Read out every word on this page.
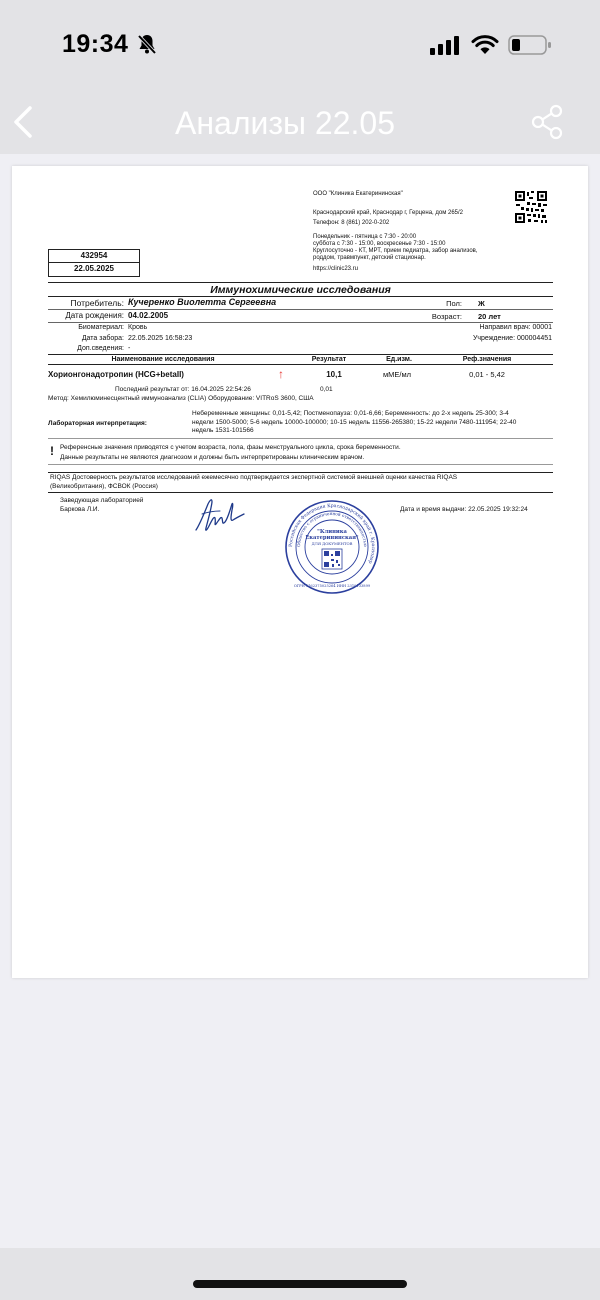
19:34
Анализы 22.05
ООО "Клиника Екатерининская"
Краснодарский край, Краснодар г, Герцена, дом 265/2
Телефон: 8 (861) 202-0-202
Понедельник - пятница с 7:30 - 20:00
суббота с 7:30 - 15:00, воскресенье 7:30 - 15:00
Круглосуточно - КТ, МРТ, прием педиатра, забор анализов,
роддом, травмпункт, детский стационар.
https://clinic23.ru
432954
22.05.2025
Иммунохимические исследования
Потребитель: Кучеренко Виолетта Сергеевна	Пол: Ж
Дата рождения: 04.02.2005	Возраст: 20 лет
Биоматериал: Кровь	Направил врач: 00001
Дата забора: 22.05.2025 16:58:23	Учреждение: 000004451
Доп.сведения: -
Наименование исследования	Результат	Ед.изм.	Реф.значения
Хорионгонадотропин (HCG+betaII)	↑	10,1	мМЕ/мл	0,01 - 5,42
Последний результат от: 16.04.2025 22:54:26	0,01
Метод: Хемилюминесцентный иммуноанализ (CLIA) Оборудование: VITRoS 3600, США
Лабораторная интерпретация:
Небеременные женщины: 0,01-5,42; Постменопауза: 0,01-6,66; Беременность: до 2-х недель 25-300; 3-4
недели 1500-5000; 5-6 недель 10000-100000; 10-15 недель 11556-265380; 15-22 недели 7480-111954; 22-40
недель 1531-101566
! Референсные значения приводятся с учетом возраста, пола, фазы менструального цикла, срока беременности.
Данные результаты не являются диагнозом и должны быть интерпретированы клиническим врачом.
RIQAS Достоверность результатов исследований ежемесячно подтверждается экспертной системой внешней оценки качества RIQAS
(Великобритания), ФСВОК (Россия)
Заведующая лабораторией
Баркова Л.И.	Дата и время выдачи: 22.05.2025 19:32:24
Российская Федерация Краснодарский край г. Краснодар
Общество с ограниченной ответственностью
ОГРН 1162375025264 ИНН 2310133899
"Клиника
Екатерининская"
ДЛЯ ДОКУМЕНТОВ
